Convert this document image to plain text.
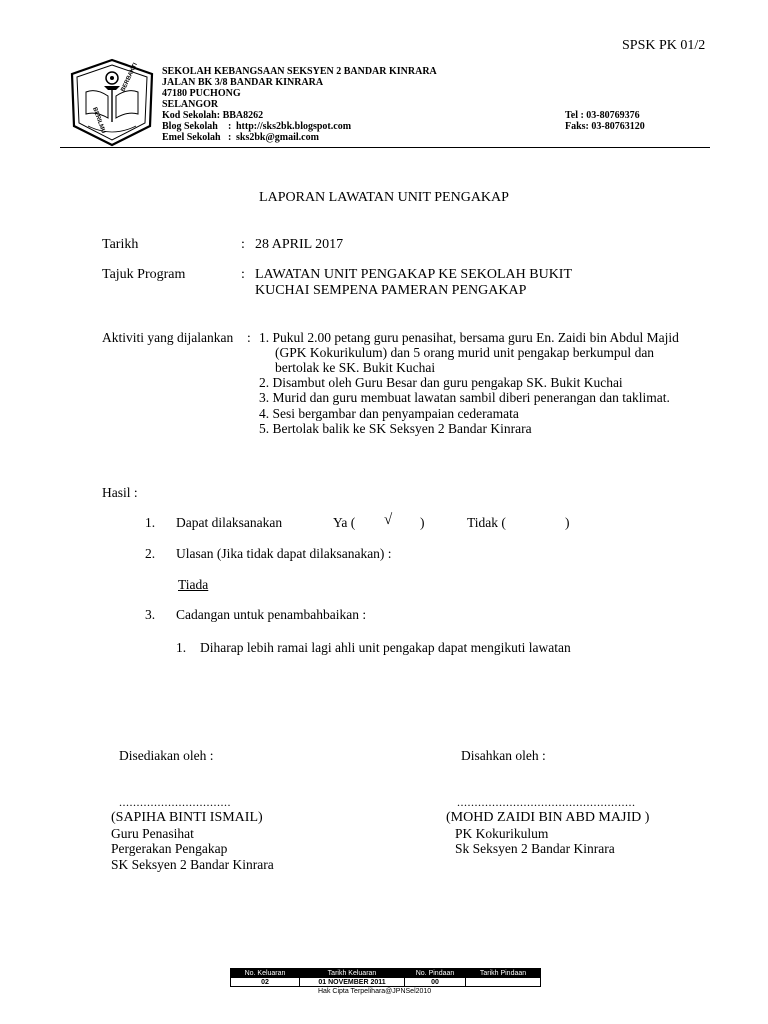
SPSK PK 01/2
BERILMU
BERBAKTI SEKOLAH KEBANGSAAN SEKSYEN 2 BANDAR KINRARA
JALAN BK 3/8 BANDAR KINRARA
47180 PUCHONG
SELANGOR
Kod Sekolah: BBA8262
Blog Sekolah : http://sks2bk.blogspot.com
Emel Sekolah : sks2bk@gmail.com
Tel : 03-80769376
Faks: 03-80763120
LAPORAN LAWATAN UNIT PENGAKAP
Tarikh	: 28 APRIL 2017
Tajuk Program	: LAWATAN UNIT PENGAKAP KE SEKOLAH BUKIT
KUCHAI SEMPENA PAMERAN PENGAKAP
Aktiviti yang dijalankan : 1. Pukul 2.00 petang guru penasihat, bersama guru En. Zaidi bin Abdul Majid
(GPK Kokurikulum) dan 5 orang murid unit pengakap berkumpul dan
bertolak ke SK. Bukit Kuchai
2. Disambut oleh Guru Besar dan guru pengakap SK. Bukit Kuchai
3. Murid dan guru membuat lawatan sambil diberi penerangan dan taklimat.
4. Sesi bergambar dan penyampaian cederamata
5. Bertolak balik ke SK Seksyen 2 Bandar Kinrara
Hasil :
1. Dapat dilaksanakan	Ya ( √ )	Tidak (	)
2. Ulasan (Jika tidak dapat dilaksanakan) :
Tiada
3. Cadangan untuk penambahbaikan :
1. Diharap lebih ramai lagi ahli unit pengakap dapat mengikuti lawatan
Disediakan oleh :	Disahkan oleh :
................................	...................................................
(SAPIHA BINTI ISMAIL)
Guru Penasihat
Pergerakan Pengakap
SK Seksyen 2 Bandar Kinrara
(MOHD ZAIDI BIN ABD MAJID )
PK Kokurikulum
Sk Seksyen 2 Bandar Kinrara
No. Keluaran	Tarikh Keluaran	No. Pindaan	Tarikh Pindaan
02	01 NOVEMBER 2011	00	
Hak Cipta Terpelihara@JPNSel2010
